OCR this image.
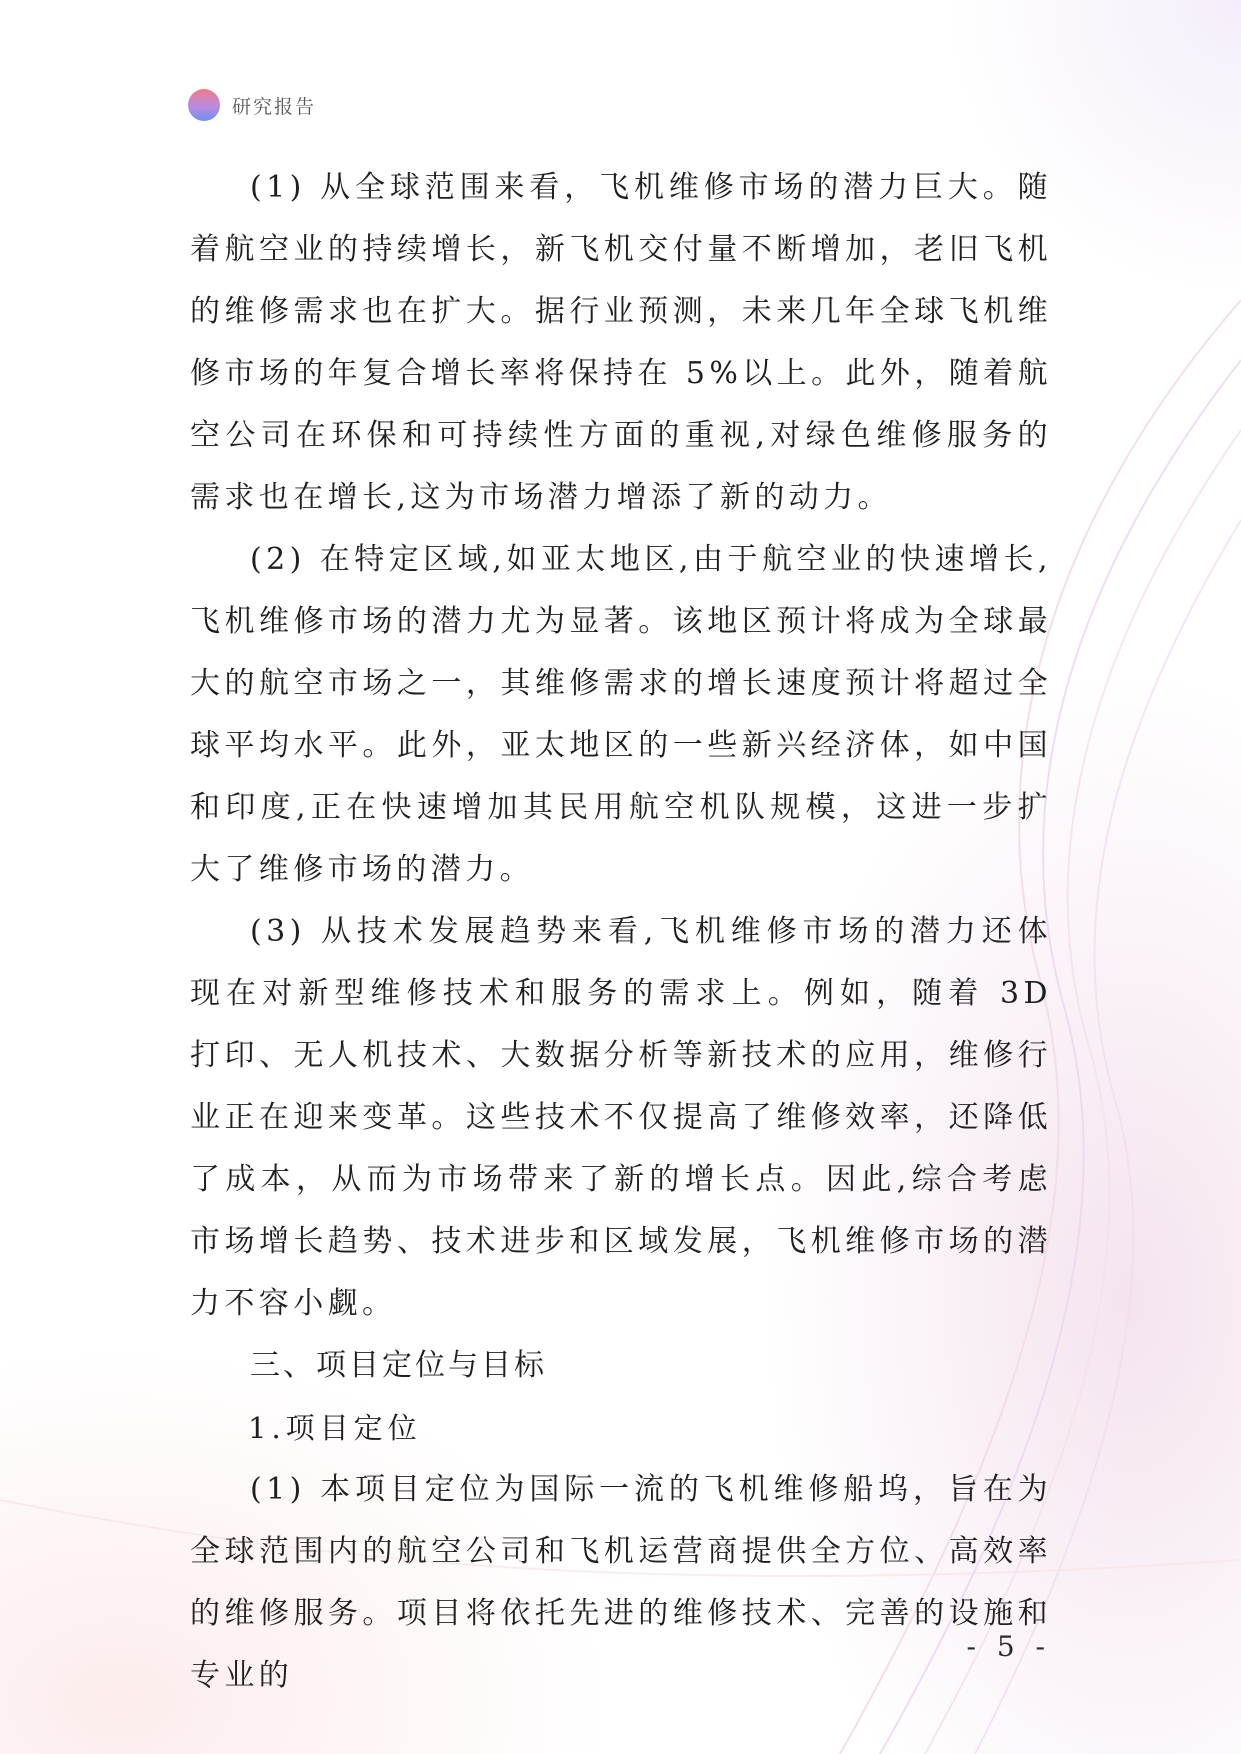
研究报告

(1) 从全球范围来看，飞机维修市场的潜力巨大。随着航空业的持续增长，新飞机交付量不断增加，老旧飞机的维修需求也在扩大。据行业预测，未来几年全球飞机维修市场的年复合增长率将保持在 5%以上。此外，随着航空公司在环保和可持续性方面的重视,对绿色维修服务的需求也在增长,这为市场潜力增添了新的动力。

(2) 在特定区域,如亚太地区,由于航空业的快速增长,飞机维修市场的潜力尤为显著。该地区预计将成为全球最大的航空市场之一，其维修需求的增长速度预计将超过全球平均水平。此外，亚太地区的一些新兴经济体，如中国和印度,正在快速增加其民用航空机队规模，这进一步扩大了维修市场的潜力。

(3) 从技术发展趋势来看,飞机维修市场的潜力还体现在对新型维修技术和服务的需求上。例如，随着 3D 打印、无人机技术、大数据分析等新技术的应用，维修行业正在迎来变革。这些技术不仅提高了维修效率，还降低了成本，从而为市场带来了新的增长点。因此,综合考虑市场增长趋势、技术进步和区域发展，飞机维修市场的潜力不容小觑。

三、项目定位与目标

1.项目定位

(1) 本项目定位为国际一流的飞机维修船坞，旨在为全球范围内的航空公司和飞机运营商提供全方位、高效率的维修服务。项目将依托先进的维修技术、完善的设施和专业的

- 5 -
